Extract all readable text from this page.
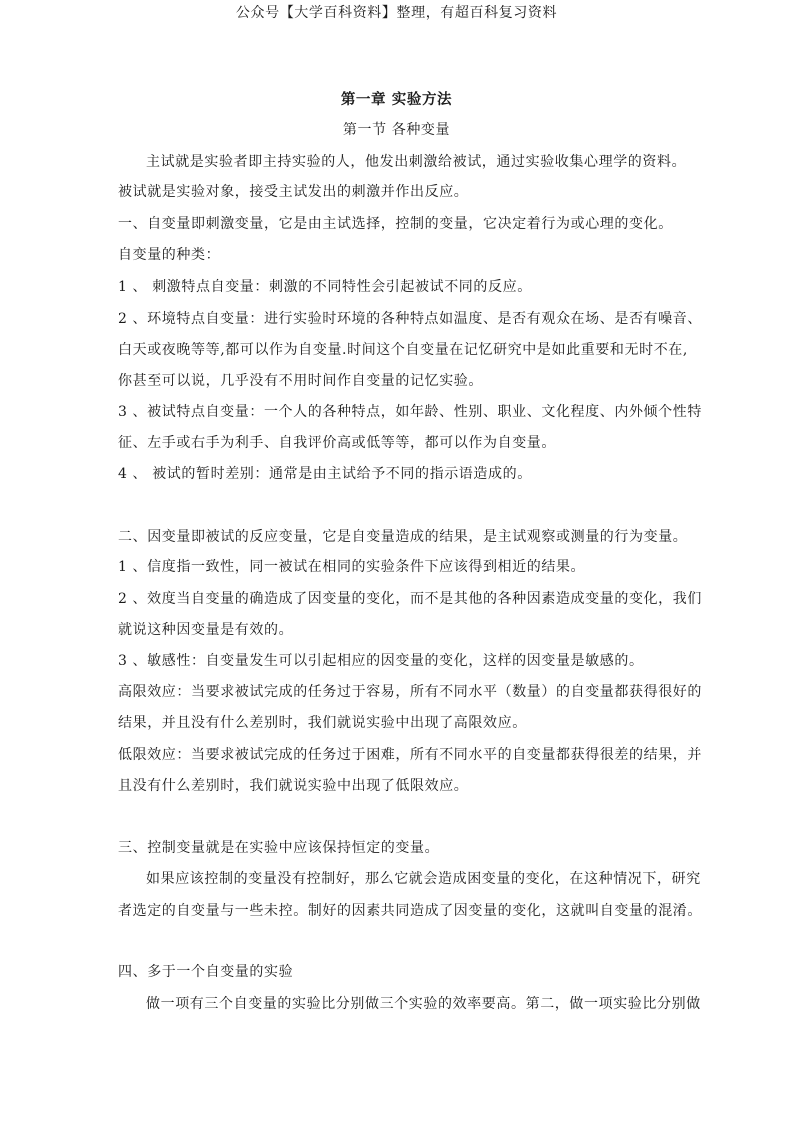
公众号【大学百科资料】整理，有超百科复习资料
第一章 实验方法
第一节 各种变量
主试就是实验者即主持实验的人，他发出刺激给被试，通过实验收集心理学的资料。
被试就是实验对象，接受主试发出的刺激并作出反应。
一、自变量即刺激变量，它是由主试选择，控制的变量，它决定着行为或心理的变化。
自变量的种类：
1 、 刺激特点自变量：刺激的不同特性会引起被试不同的反应。
2 、环境特点自变量：进行实验时环境的各种特点如温度、是否有观众在场、是否有噪音、
白天或夜晚等等,都可以作为自变量.时间这个自变量在记忆研究中是如此重要和无时不在,
你甚至可以说，几乎没有不用时间作自变量的记忆实验。
3 、被试特点自变量：一个人的各种特点，如年龄、性别、职业、文化程度、内外倾个性特
征、左手或右手为利手、自我评价高或低等等，都可以作为自变量。
4 、 被试的暂时差别：通常是由主试给予不同的指示语造成的。
二、因变量即被试的反应变量，它是自变量造成的结果，是主试观察或测量的行为变量。
1 、信度指一致性，同一被试在相同的实验条件下应该得到相近的结果。
2 、效度当自变量的确造成了因变量的变化，而不是其他的各种因素造成变量的变化，我们
就说这种因变量是有效的。
3 、敏感性：自变量发生可以引起相应的因变量的变化，这样的因变量是敏感的。
高限效应：当要求被试完成的任务过于容易，所有不同水平（数量）的自变量都获得很好的
结果，并且没有什么差别时，我们就说实验中出现了高限效应。
低限效应：当要求被试完成的任务过于困难，所有不同水平的自变量都获得很差的结果，并
且没有什么差别时，我们就说实验中出现了低限效应。
三、控制变量就是在实验中应该保持恒定的变量。
如果应该控制的变量没有控制好，那么它就会造成困变量的变化，在这种情况下，研究
者选定的自变量与一些未控。制好的因素共同造成了因变量的变化，这就叫自变量的混淆。
四、多于一个自变量的实验
做一项有三个自变量的实验比分别做三个实验的效率要高。第二，做一项实验比分别做
